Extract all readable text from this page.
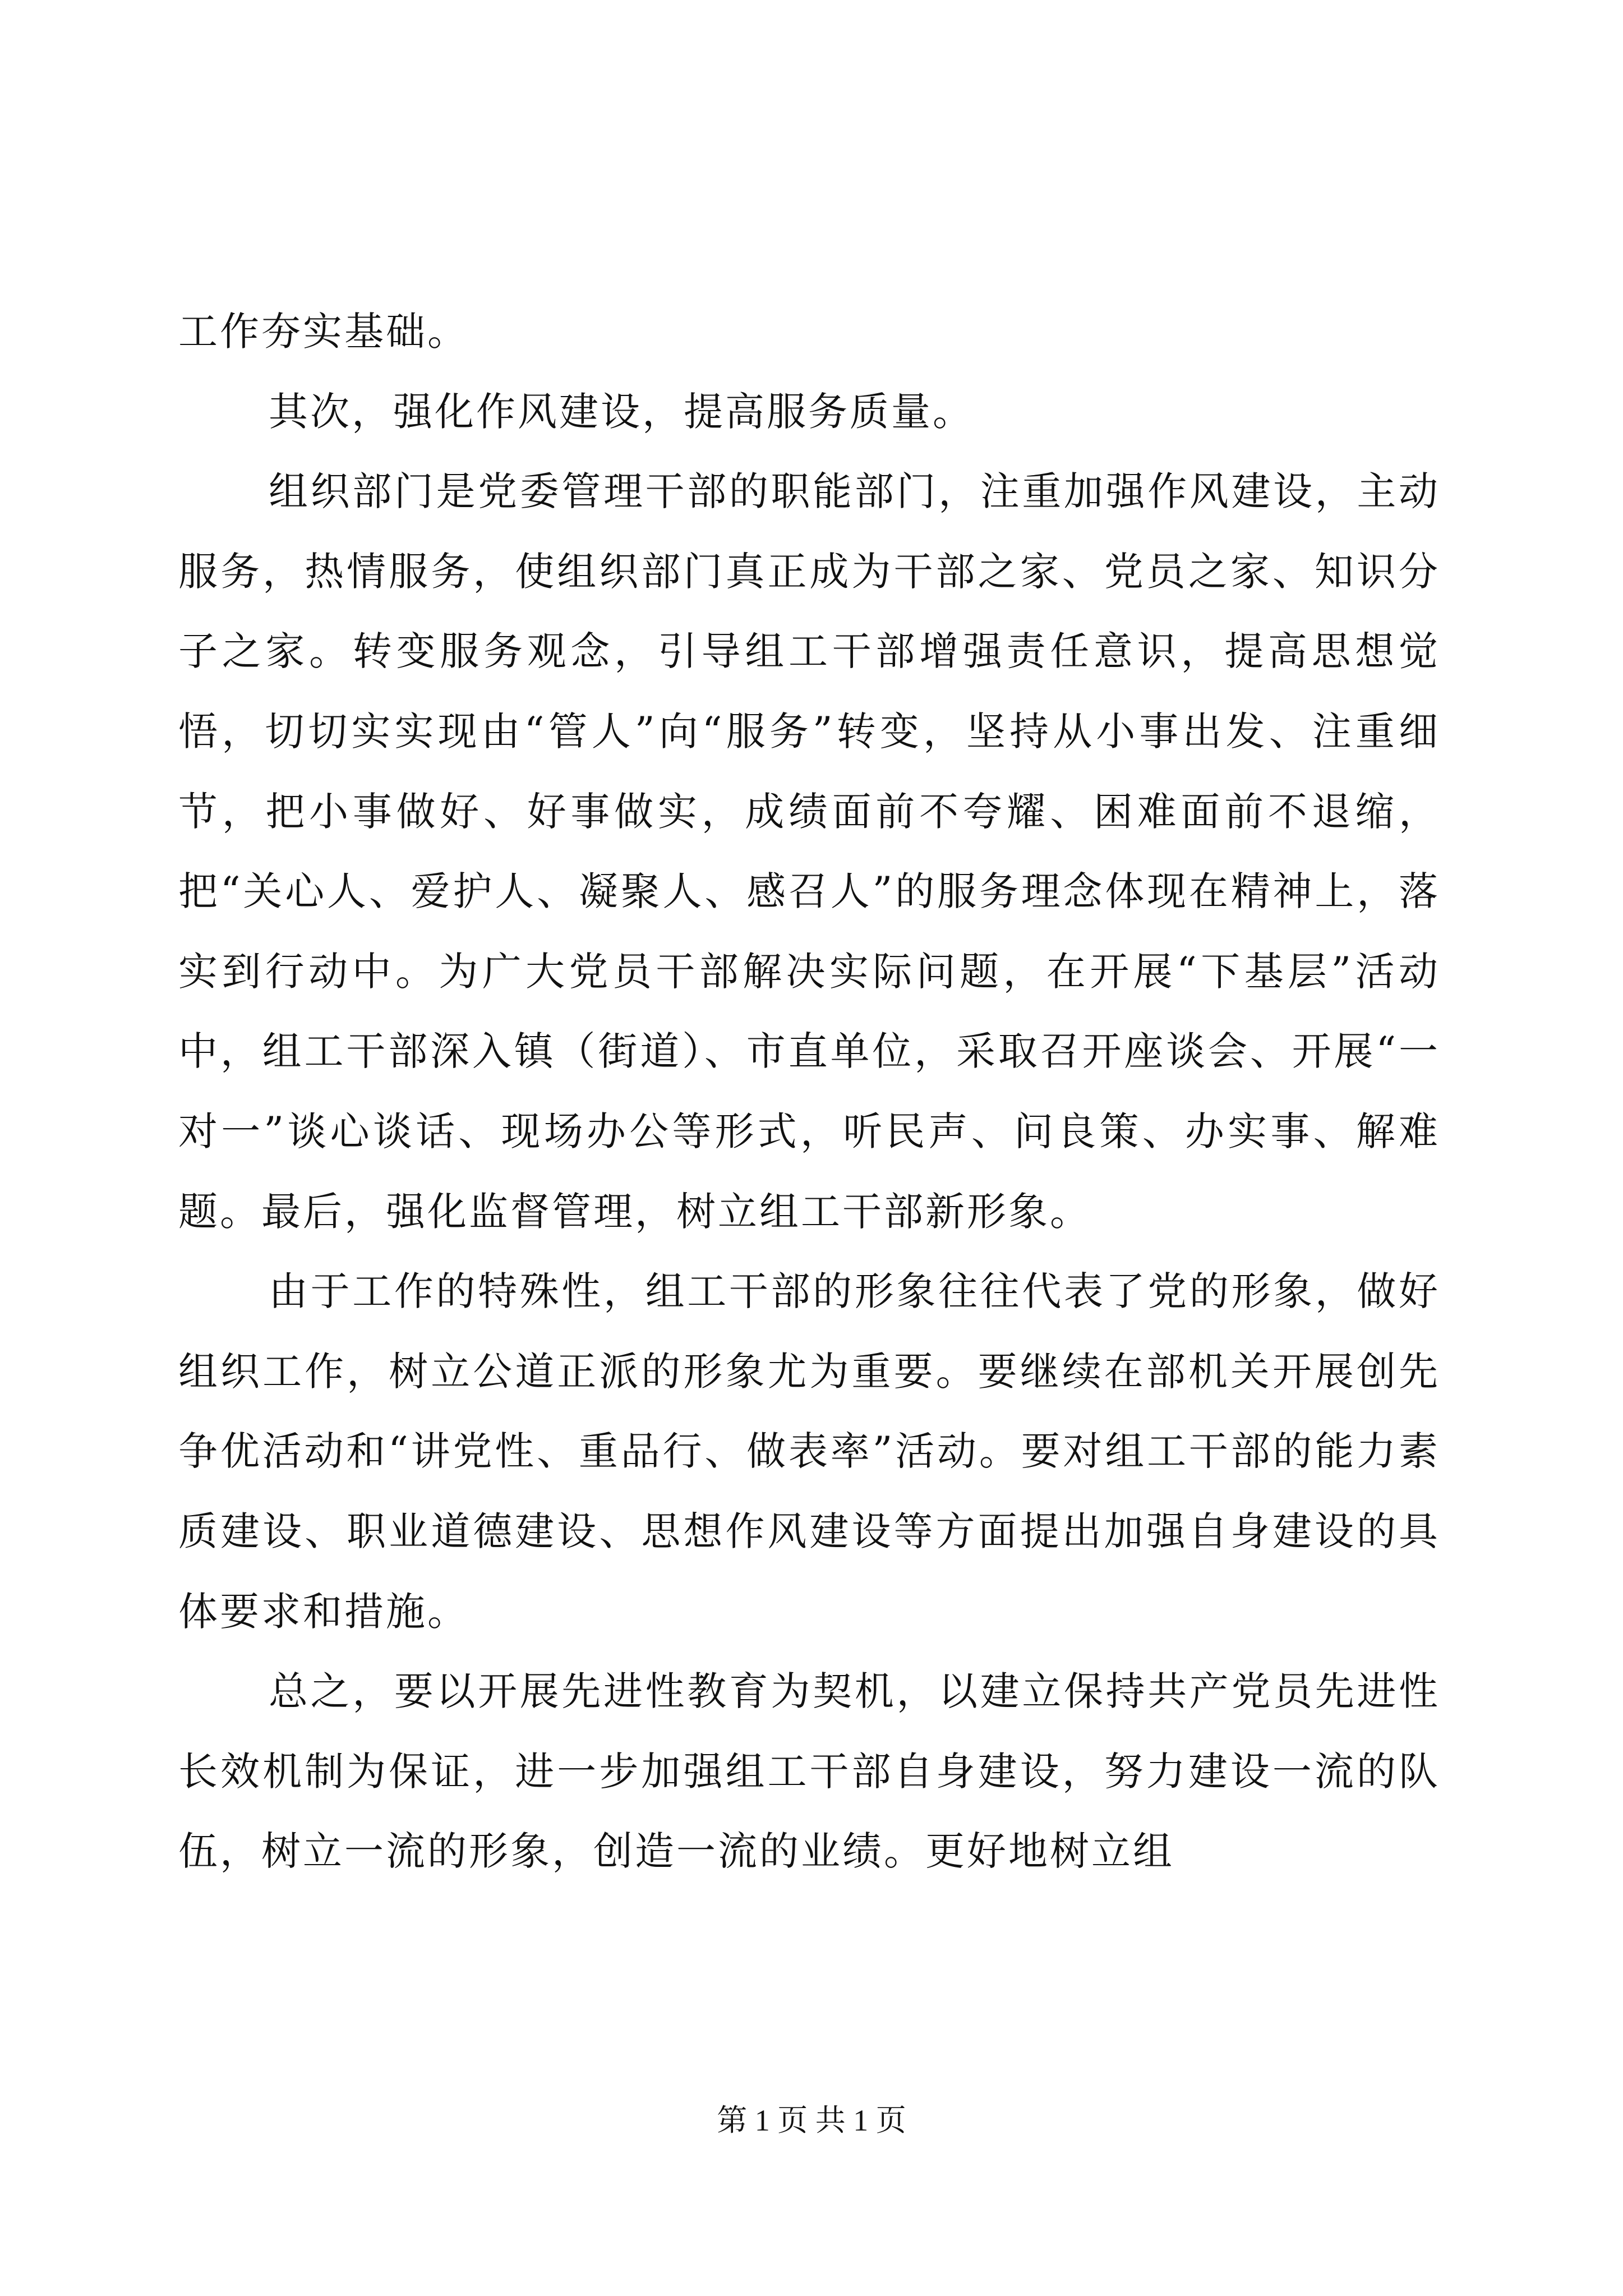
工作夯实基础。

其次，强化作风建设，提高服务质量。

组织部门是党委管理干部的职能部门，注重加强作风建设，主动服务，热情服务，使组织部门真正成为干部之家、党员之家、知识分子之家。转变服务观念，引导组工干部增强责任意识，提高思想觉悟，切切实实现由“管人”向“服务”转变，坚持从小事出发、注重细节，把小事做好、好事做实，成绩面前不夸耀、困难面前不退缩，把“关心人、爱护人、凝聚人、感召人”的服务理念体现在精神上，落实到行动中。为广大党员干部解决实际问题，在开展“下基层”活动中，组工干部深入镇（街道）、市直单位，采取召开座谈会、开展“一对一”谈心谈话、现场办公等形式，听民声、问良策、办实事、解难题。最后，强化监督管理，树立组工干部新形象。

由于工作的特殊性，组工干部的形象往往代表了党的形象，做好组织工作，树立公道正派的形象尤为重要。要继续在部机关开展创先争优活动和“讲党性、重品行、做表率”活动。要对组工干部的能力素质建设、职业道德建设、思想作风建设等方面提出加强自身建设的具体要求和措施。

总之，要以开展先进性教育为契机，以建立保持共产党员先进性长效机制为保证，进一步加强组工干部自身建设，努力建设一流的队伍，树立一流的形象，创造一流的业绩。更好地树立组

第 1 页 共 1 页
